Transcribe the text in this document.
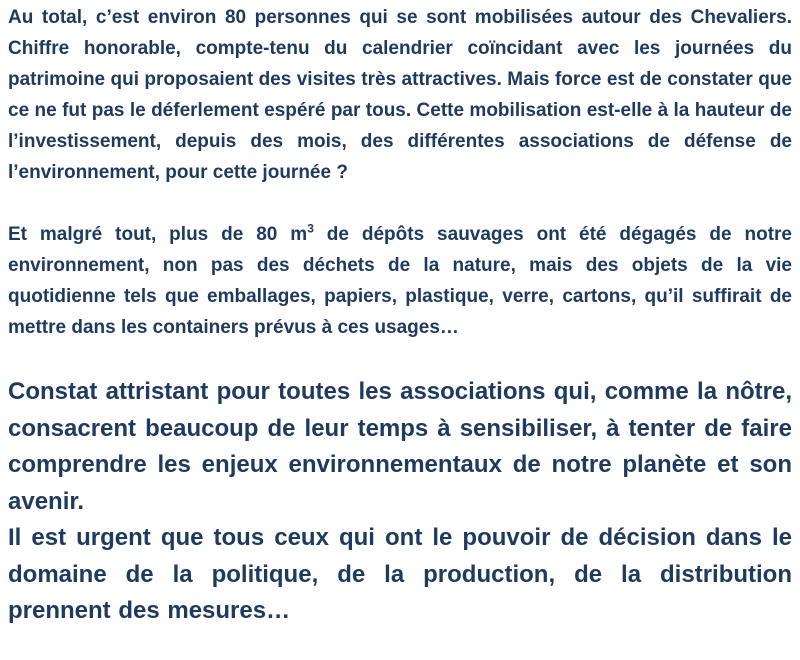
Au total, c’est environ 80 personnes qui se sont mobilisées autour des Chevaliers. Chiffre honorable, compte-tenu du calendrier coïncidant avec les journées du patrimoine qui proposaient des visites très attractives. Mais force est de constater que ce ne fut pas le déferlement espéré par tous. Cette mobilisation est-elle à la hauteur de l’investissement, depuis des mois, des différentes associations de défense de l’environnement, pour cette journée ?

Et malgré tout, plus de 80 $m^3$ de dépôts sauvages ont été dégagés de notre environnement, non pas des déchets de la nature, mais des objets de la vie quotidienne tels que emballages, papiers, plastique, verre, cartons, qu’il suffirait de mettre dans les containers prévus à ces usages…

Constat attristant pour toutes les associations qui, comme la nôtre, consacrent beaucoup de leur temps à sensibiliser, à tenter de faire comprendre les enjeux environnementaux de notre planète et son avenir.

Il est urgent que tous ceux qui ont le pouvoir de décision dans le domaine de la politique, de la production, de la distribution prennent des mesures…
